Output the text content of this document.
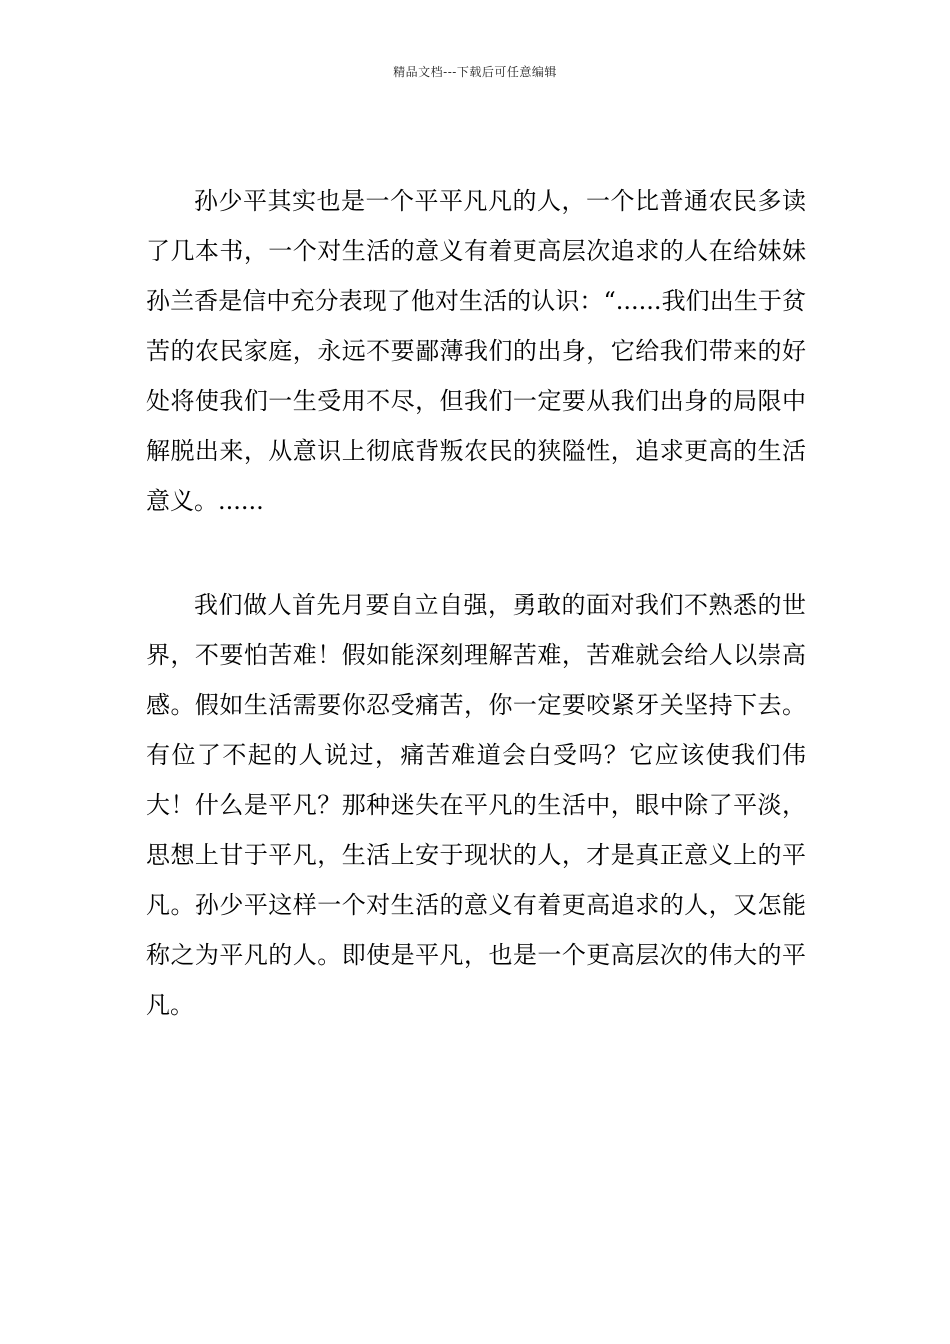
精品文档---下载后可任意编辑

孙少平其实也是一个平平凡凡的人，一个比普通农民多读了几本书，一个对生活的意义有着更高层次追求的人在给妹妹孙兰香是信中充分表现了他对生活的认识：“......我们出生于贫苦的农民家庭，永远不要鄙薄我们的出身，它给我们带来的好处将使我们一生受用不尽，但我们一定要从我们出身的局限中解脱出来，从意识上彻底背叛农民的狭隘性，追求更高的生活意义。......

我们做人首先月要自立自强，勇敢的面对我们不熟悉的世界，不要怕苦难！假如能深刻理解苦难，苦难就会给人以崇高感。假如生活需要你忍受痛苦，你一定要咬紧牙关坚持下去。有位了不起的人说过，痛苦难道会白受吗？它应该使我们伟大！什么是平凡？那种迷失在平凡的生活中，眼中除了平淡，思想上甘于平凡，生活上安于现状的人，才是真正意义上的平凡。孙少平这样一个对生活的意义有着更高追求的人，又怎能称之为平凡的人。即使是平凡，也是一个更高层次的伟大的平凡。
